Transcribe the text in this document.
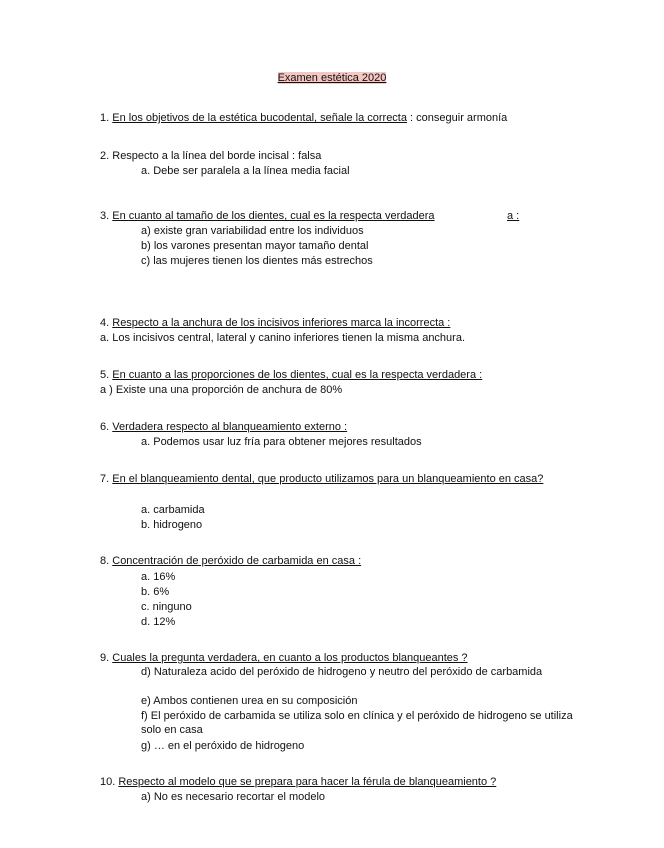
Examen estética 2020
1. En los objetivos de la estética bucodental, señale la correcta : conseguir armonía
2. Respecto a la línea del borde incisal : falsa
a. Debe ser paralela a la línea media facial
3. En cuanto al tamaño de los dientes, cual es la respecta verdadera	a :
a) existe gran variabilidad entre los individuos
b) los varones presentan mayor tamaño dental
c) las mujeres tienen los dientes más estrechos
4. Respecto a la anchura de los incisivos inferiores marca la incorrecta :
a. Los incisivos central, lateral y canino inferiores tienen la misma anchura.
5. En cuanto a las proporciones de los dientes, cual es la respecta verdadera :
a ) Existe una una proporción de anchura de 80%
6. Verdadera respecto al blanqueamiento externo :
a. Podemos usar luz fría para obtener mejores resultados
7. En el blanqueamiento dental, que producto utilizamos para un blanqueamiento en casa?
a. carbamida
b. hidrogeno
8. Concentración de peróxido de carbamida en casa :
a. 16%
b. 6%
c. ninguno
d. 12%
9. Cuales la pregunta verdadera, en cuanto a los productos blanqueantes ?
d) Naturaleza acido del peróxido de hidrogeno y neutro del peróxido de carbamida
e) Ambos contienen urea en su composición
f) El peróxido de carbamida se utiliza solo en clínica y el peróxido de hidrogeno se utiliza solo en casa
g) … en el peróxido de hidrogeno
10. Respecto al modelo que se prepara para hacer la férula de blanqueamiento ?
a) No es necesario recortar el modelo
